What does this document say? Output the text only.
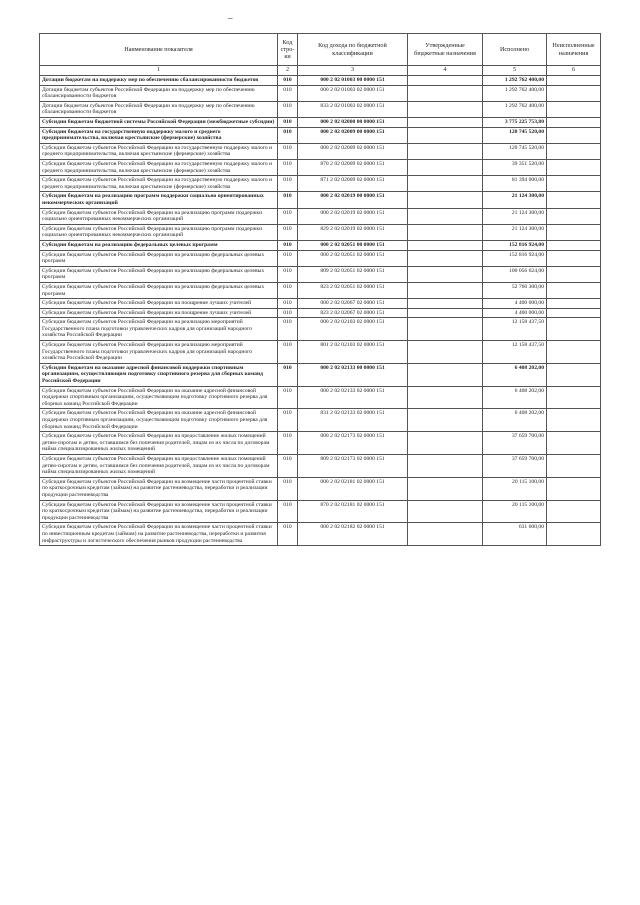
_
Наименование показателя	Код стро-ки	Код дохода по бюджетной классификации	Утвержденные бюджетные назначения	Исполнено	Неисполненные назначения
1	2	3	4	5	6
Дотации бюджетам на поддержку мер по обеспечению сбалансированности бюджетов	010	000 2 02 01003 00 0000 151		1 292 762 400,00	
Дотации бюджетам субъектов Российской Федерации на поддержку мер по обеспечению сбалансированности бюджетов	010	000 2 02 01003 02 0000 151		1 292 762 400,00	
Дотации бюджетам субъектов Российской Федерации на поддержку мер по обеспечению сбалансированности бюджетов	010	833 2 02 01003 02 0000 151		1 292 762 400,00	
Субсидии бюджетам бюджетной системы Российской Федерации (межбюджетные субсидии)	010	000 2 02 02000 00 0000 151		3 775 225 753,80	
Субсидии бюджетам на государственную поддержку малого и среднего предпринимательства, включая крестьянские (фермерские) хозяйства	010	000 2 02 02009 00 0000 151		120 745 520,00	
Субсидии бюджетам субъектов Российской Федерации на государственную поддержку малого и среднего предпринимательства, включая крестьянские (фермерские) хозяйства	010	000 2 02 02009 02 0000 151		120 745 520,00	
Субсидии бюджетам субъектов Российской Федерации на государственную поддержку малого и среднего предпринимательства, включая крестьянские (фермерские) хозяйства	010	870 2 02 02009 02 0000 151		39 351 520,00	
Субсидии бюджетам субъектов Российской Федерации на государственную поддержку малого и среднего предпринимательства, включая крестьянские (фермерские) хозяйства	010	871 2 02 02009 02 0000 151		81 394 000,00	
Субсидии бюджетам на реализацию программ поддержки социально ориентированных некоммерческих организаций	010	000 2 02 02019 00 0000 151		21 124 300,00	
Субсидии бюджетам субъектов Российской Федерации на реализацию программ поддержки социально ориентированных некоммерческих организаций	010	000 2 02 02019 02 0000 151		21 124 300,00	
Субсидии бюджетам субъектов Российской Федерации на реализацию программ поддержки социально ориентированных некоммерческих организаций	010	829 2 02 02019 02 0000 151		21 124 300,00	
Субсидии бюджетам на реализацию федеральных целевых программ	010	000 2 02 02051 00 0000 151		152 816 924,00	
Субсидии бюджетам субъектов Российской Федерации на реализацию федеральных целевых программ	010	000 2 02 02051 02 0000 151		152 816 924,00	
Субсидии бюджетам субъектов Российской Федерации на реализацию федеральных целевых программ	010	809 2 02 02051 02 0000 151		100 056 624,00	
Субсидии бюджетам субъектов Российской Федерации на реализацию федеральных целевых программ	010	823 2 02 02051 02 0000 151		52 760 300,00	
Субсидии бюджетам субъектов Российской Федерации на поощрение лучших учителей	010	000 2 02 02067 02 0000 151		4 400 000,00	
Субсидии бюджетам субъектов Российской Федерации на поощрение лучших учителей	010	823 2 02 02067 02 0000 151		4 400 000,00	
Субсидии бюджетам субъектов Российской Федерации на реализацию мероприятий Государственного плана подготовки управленческих кадров для организаций народного хозяйства Российской Федерации	010	000 2 02 02103 02 0000 151		12 158 437,50	
Субсидии бюджетам субъектов Российской Федерации на реализацию мероприятий Государственного плана подготовки управленческих кадров для организаций народного хозяйства Российской Федерации	010	801 2 02 02103 02 0000 151		12 158 437,50	
Субсидии бюджетам на оказание адресной финансовой поддержки спортивным организациям, осуществляющим подготовку спортивного резерва для сборных команд Российской Федерации	010	000 2 02 02133 00 0000 151		6 408 202,00	
Субсидии бюджетам субъектов Российской Федерации на оказание адресной финансовой поддержки спортивным организациям, осуществляющим подготовку спортивного резерва для сборных команд Российской Федерации	010	000 2 02 02133 02 0000 151		6 408 202,00	
Субсидии бюджетам субъектов Российской Федерации на оказание адресной финансовой поддержки спортивным организациям, осуществляющим подготовку спортивного резерва для сборных команд Российской Федерации	010	831 2 02 02133 02 0000 151		6 408 202,00	
Субсидии бюджетам субъектов Российской Федерации на предоставление жилых помещений детям-сиротам и детям, оставшимся без попечения родителей, лицам из их числа по договорам найма специализированных жилых помещений	010	000 2 02 02173 02 0000 151		37 659 700,00	
Субсидии бюджетам субъектов Российской Федерации на предоставление жилых помещений детям-сиротам и детям, оставшимся без попечения родителей, лицам из их числа по договорам найма специализированных жилых помещений	010	809 2 02 02173 02 0000 151		37 659 700,00	
Субсидии бюджетам субъектов Российской Федерации на возмещение части процентной ставки по краткосрочным кредитам (займам) на развитие растениеводства, переработки и реализации продукции растениеводства	010	000 2 02 02181 02 0000 151		20 115 100,00	
Субсидии бюджетам субъектов Российской Федерации на возмещение части процентной ставки по краткосрочным кредитам (займам) на развитие растениеводства, переработки и реализации продукции растениеводства	010	870 2 02 02181 02 0000 151		20 115 100,00	
Субсидии бюджетам субъектов Российской Федерации на возмещение части процентной ставки по инвестиционным кредитам (займам) на развитие растениеводства, переработки и развития инфраструктуры и логистического обеспечения рынков продукции растениеводства	010	000 2 02 02182 02 0000 151		631 600,00	
